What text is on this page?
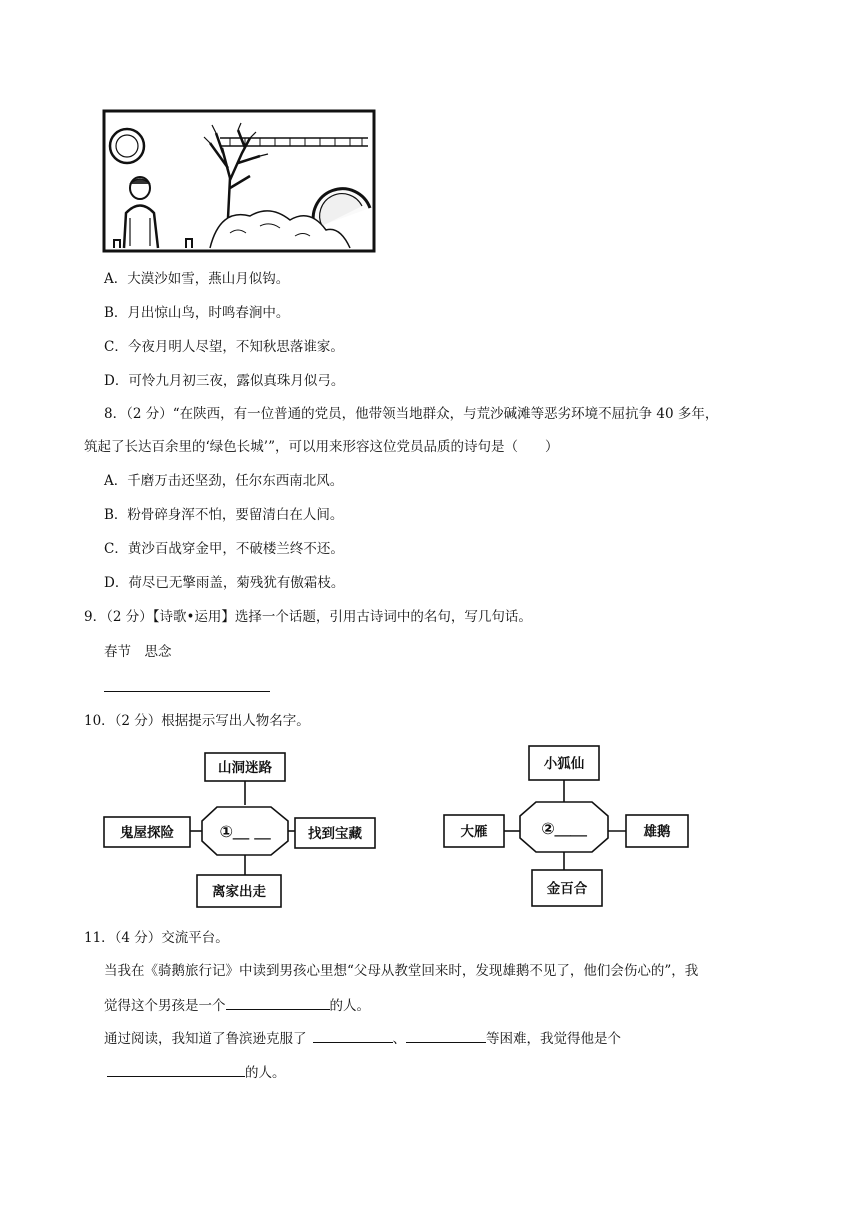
A．大漠沙如雪，燕山月似钩。
B．月出惊山鸟，时鸣春涧中。
C．今夜月明人尽望，不知秋思落谁家。
D．可怜九月初三夜，露似真珠月似弓。
8．（2 分）“在陕西，有一位普通的党员，他带领当地群众，与荒沙碱滩等恶劣环境不屈抗争 40 多年，
筑起了长达百余里的‘绿色长城’”，可以用来形容这位党员品质的诗句是（　　）
A．千磨万击还坚劲，任尔东西南北风。
B．粉骨碎身浑不怕，要留清白在人间。
C．黄沙百战穿金甲，不破楼兰终不还。
D．荷尽已无擎雨盖，菊残犹有傲霜枝。
9．（2 分）【诗歌•运用】选择一个话题，引用古诗词中的名句，写几句话。
春节　思念
10．（2 分）根据提示写出人物名字。
山洞迷路
鬼屋探险	找到宝藏
离家出走
①＿ ＿
小狐仙
大雁	雄鹅
金百合
②＿＿
11．（4 分）交流平台。
当我在《骑鹅旅行记》中读到男孩心里想“父母从教堂回来时，发现雄鹅不见了，他们会伤心的”，我
觉得这个男孩是一个	的人。
通过阅读，我知道了鲁滨逊克服了	、	等困难，我觉得他是个
的人。
